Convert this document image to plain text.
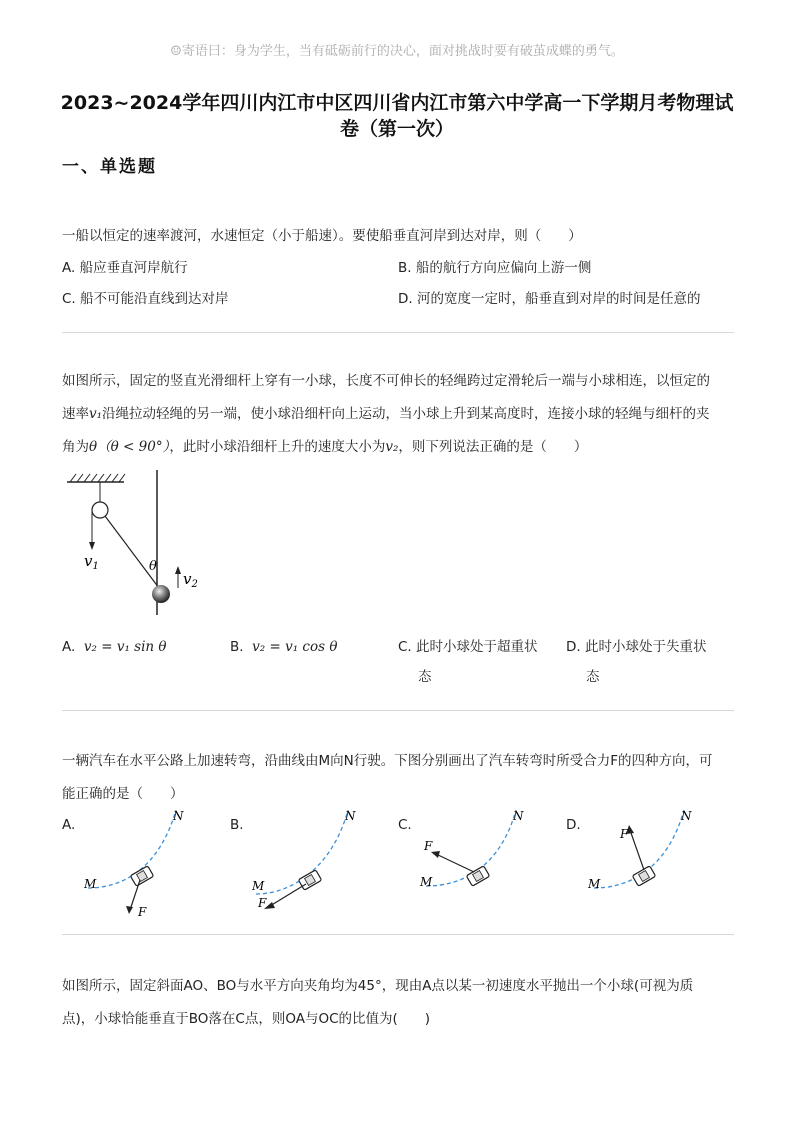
☺寄语曰：身为学生，当有砥砺前行的决心，面对挑战时要有破茧成蝶的勇气。
2023~2024学年四川内江市中区四川省内江市第六中学高一下学期月考物理试
卷（第一次）
一、单选题
一船以恒定的速率渡河，水速恒定（小于船速）。要使船垂直河岸到达对岸，则（　　）
A. 船应垂直河岸航行	B. 船的航行方向应偏向上游一侧
C. 船不可能沿直线到达对岸	D. 河的宽度一定时，船垂直到对岸的时间是任意的
如图所示，固定的竖直光滑细杆上穿有一小球，长度不可伸长的轻绳跨过定滑轮后一端与小球相连，以恒定的
速率v₁沿绳拉动轻绳的另一端，使小球沿细杆向上运动，当小球上升到某高度时，连接小球的轻绳与细杆的夹
角为θ（θ < 90°），此时小球沿细杆上升的速度大小为v₂，则下列说法正确的是（　　）
$v_1$	θ
$v_2$
A. v₂ = v₁ sin θ	B. v₂ = v₁ cos θ	C. 此时小球处于超重状
态
D. 此时小球处于失重状
态
一辆汽车在水平公路上加速转弯，沿曲线由M向N行驶。下图分别画出了汽车转弯时所受合力F的四种方向，可
能正确的是（　　）
A.	B.	C.	D.
N
M
F
N
M
F
N
M
F
N
M
F
如图所示，固定斜面AO、BO与水平方向夹角均为45°，现由A点以某一初速度水平抛出一个小球(可视为质
点)，小球恰能垂直于BO落在C点，则OA与OC的比值为(　　)
